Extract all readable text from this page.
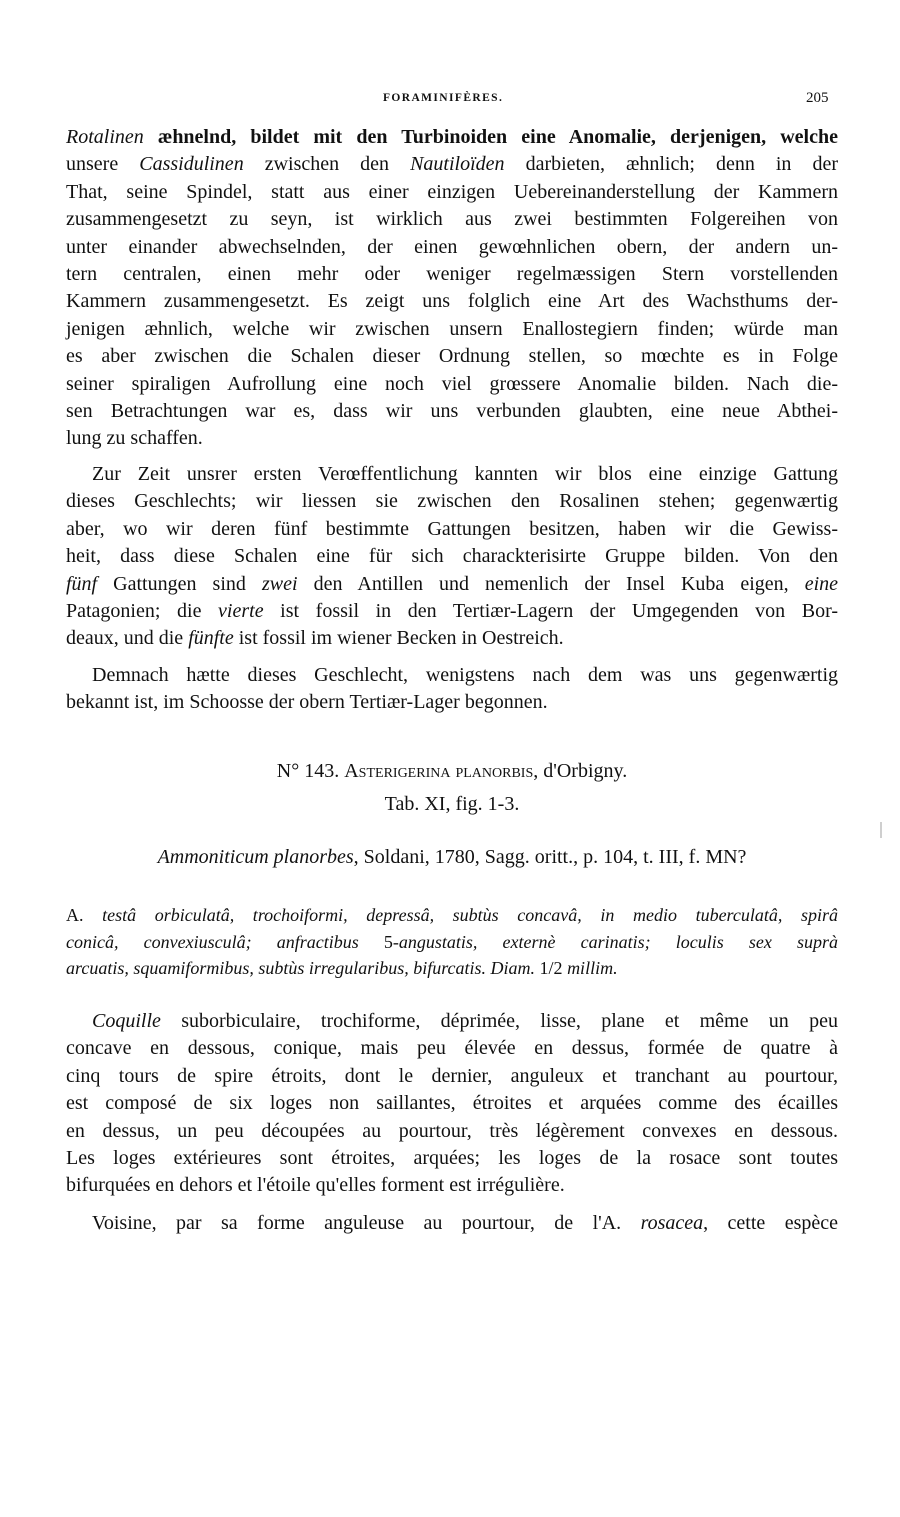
FORAMINIFÈRES.	205
Rotalinen æhnelnd, bildet mit den Turbinoiden eine Anomalie, derjenigen, welche
unsere Cassidulinen zwischen den Nautiloïden darbieten, æhnlich; denn in der
That, seine Spindel, statt aus einer einzigen Uebereinanderstellung der Kammern
zusammengesetzt zu seyn, ist wirklich aus zwei bestimmten Folgereihen von
unter einander abwechselnden, der einen gewœhnlichen obern, der andern un-
tern centralen, einen mehr oder weniger regelmæssigen Stern vorstellenden
Kammern zusammengesetzt. Es zeigt uns folglich eine Art des Wachsthums der-
jenigen æhnlich, welche wir zwischen unsern Enallostegiern finden; würde man
es aber zwischen die Schalen dieser Ordnung stellen, so mœchte es in Folge
seiner spiraligen Aufrollung eine noch viel grœssere Anomalie bilden. Nach die-
sen Betrachtungen war es, dass wir uns verbunden glaubten, eine neue Abthei-
lung zu schaffen.
Zur Zeit unsrer ersten Verœffentlichung kannten wir blos eine einzige Gattung
dieses Geschlechts; wir liessen sie zwischen den Rosalinen stehen; gegenwærtig
aber, wo wir deren fünf bestimmte Gattungen besitzen, haben wir die Gewiss-
heit, dass diese Schalen eine für sich charackterisirte Gruppe bilden. Von den
fünf Gattungen sind zwei den Antillen und nemenlich der Insel Kuba eigen, eine
Patagonien; die vierte ist fossil in den Tertiær-Lagern der Umgegenden von Bor-
deaux, und die fünfte ist fossil im wiener Becken in Oestreich.
Demnach hætte dieses Geschlecht, wenigstens nach dem was uns gegenwærtig
bekannt ist, im Schoosse der obern Tertiær-Lager begonnen.
N° 143. Asterigerina planorbis, d'Orbigny.
Tab. XI, fig. 1-3.
Ammoniticum planorbes, Soldani, 1780, Sagg. oritt., p. 104, t. III, f. MN?
A. testâ orbiculatâ, trochoiformi, depressâ, subtùs concavâ, in medio tuberculatâ, spirâ
conicâ, convexiusculâ; anfractibus 5-angustatis, externè carinatis; loculis sex suprà
arcuatis, squamiformibus, subtùs irregularibus, bifurcatis. Diam. 1/2 millim.
Coquille suborbiculaire, trochiforme, déprimée, lisse, plane et même un peu
concave en dessous, conique, mais peu élevée en dessus, formée de quatre à
cinq tours de spire étroits, dont le dernier, anguleux et tranchant au pourtour,
est composé de six loges non saillantes, étroites et arquées comme des écailles
en dessus, un peu découpées au pourtour, très légèrement convexes en dessous.
Les loges extérieures sont étroites, arquées; les loges de la rosace sont toutes
bifurquées en dehors et l'étoile qu'elles forment est irrégulière.
Voisine, par sa forme anguleuse au pourtour, de l'A. rosacea, cette espèce
